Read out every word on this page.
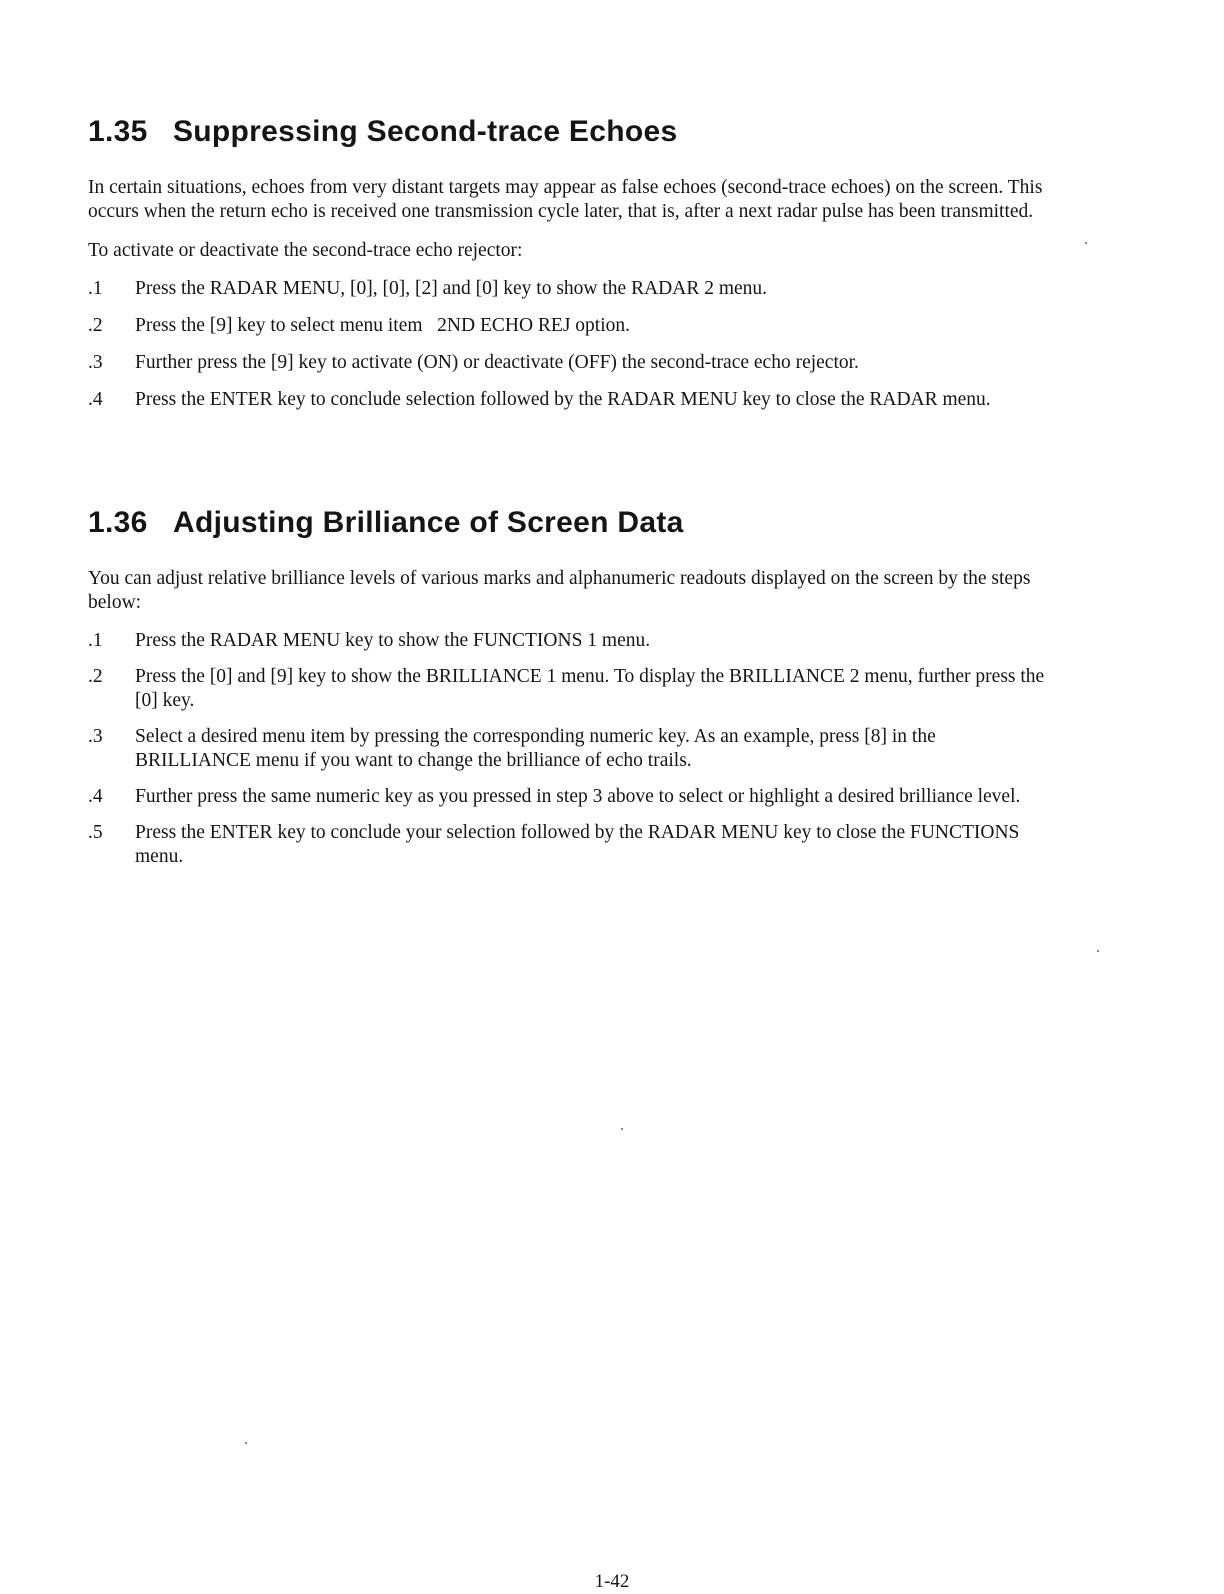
1.35 Suppressing Second-trace Echoes

In certain situations, echoes from very distant targets may appear as false echoes (second-trace echoes) on the screen. This occurs when the return echo is received one transmission cycle later, that is, after a next radar pulse has been transmitted.

To activate or deactivate the second-trace echo rejector:

.1 Press the RADAR MENU, [0], [0], [2] and [0] key to show the RADAR 2 menu.
.2 Press the [9] key to select menu item   2ND ECHO REJ option.
.3 Further press the [9] key to activate (ON) or deactivate (OFF) the second-trace echo rejector.
.4 Press the ENTER key to conclude selection followed by the RADAR MENU key to close the RADAR menu.
1.36 Adjusting Brilliance of Screen Data

You can adjust relative brilliance levels of various marks and alphanumeric readouts displayed on the screen by the steps below:

.1 Press the RADAR MENU key to show the FUNCTIONS 1 menu.
.2 Press the [0] and [9] key to show the BRILLIANCE 1 menu. To display the BRILLIANCE 2 menu, further press the [0] key.
.3 Select a desired menu item by pressing the corresponding numeric key. As an example, press [8] in the BRILLIANCE menu if you want to change the brilliance of echo trails.
.4 Further press the same numeric key as you pressed in step 3 above to select or highlight a desired brilliance level.
.5 Press the ENTER key to conclude your selection followed by the RADAR MENU key to close the FUNCTIONS menu.
1-42
